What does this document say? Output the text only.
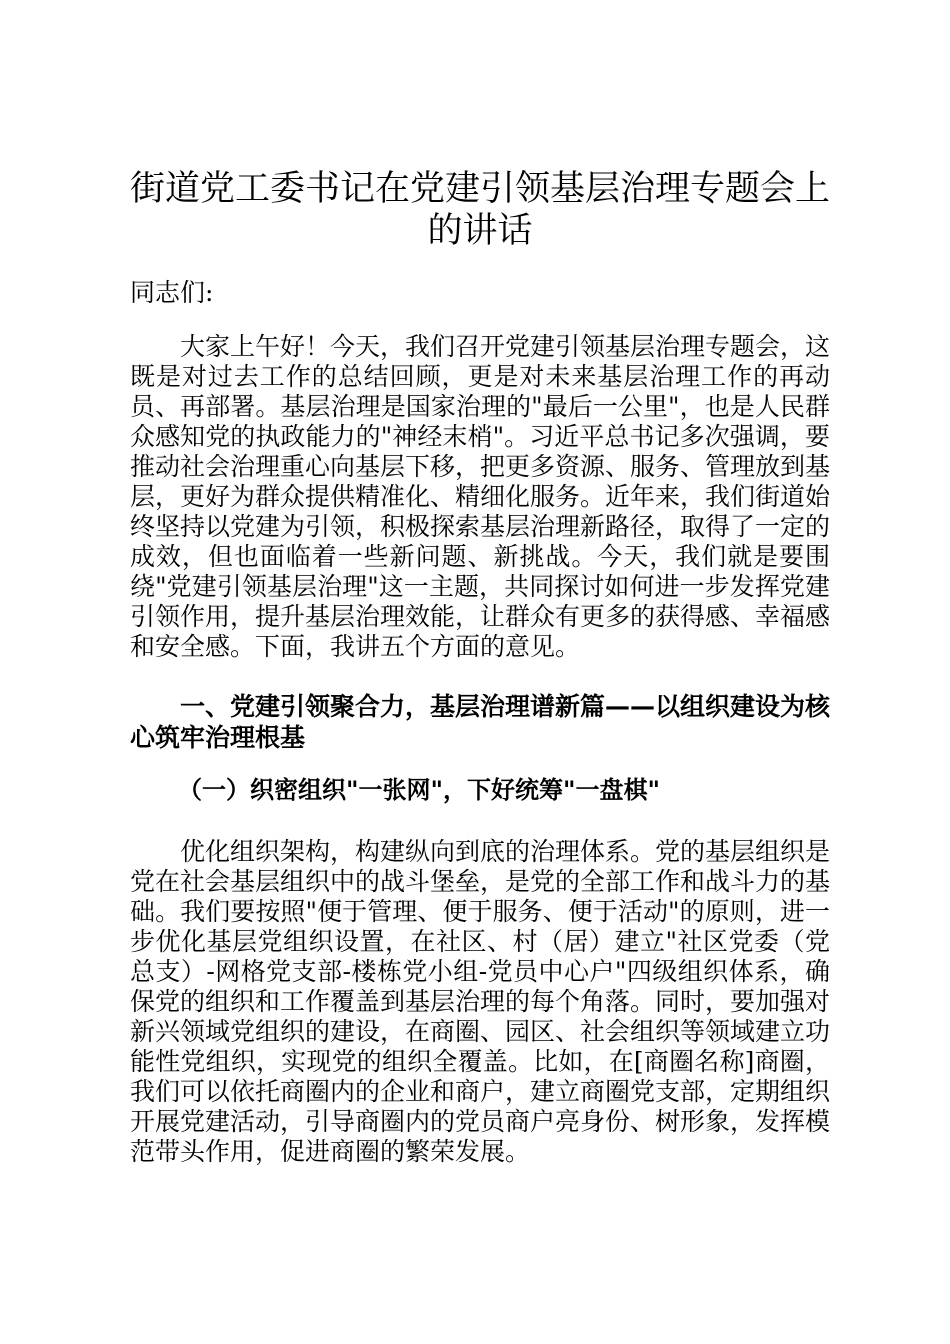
街道党工委书记在党建引领基层治理专题会上的讲话

同志们:

大家上午好！今天，我们召开党建引领基层治理专题会，这既是对过去工作的总结回顾，更是对未来基层治理工作的再动员、再部署。基层治理是国家治理的"最后一公里"，也是人民群众感知党的执政能力的"神经末梢"。习近平总书记多次强调，要推动社会治理重心向基层下移，把更多资源、服务、管理放到基层，更好为群众提供精准化、精细化服务。近年来，我们街道始终坚持以党建为引领，积极探索基层治理新路径，取得了一定的成效，但也面临着一些新问题、新挑战。今天，我们就是要围绕"党建引领基层治理"这一主题，共同探讨如何进一步发挥党建引领作用，提升基层治理效能，让群众有更多的获得感、幸福感和安全感。下面，我讲五个方面的意见。

一、党建引领聚合力，基层治理谱新篇——以组织建设为核心筑牢治理根基

（一）织密组织"一张网"，下好统筹"一盘棋"

优化组织架构，构建纵向到底的治理体系。党的基层组织是党在社会基层组织中的战斗堡垒，是党的全部工作和战斗力的基础。我们要按照"便于管理、便于服务、便于活动"的原则，进一步优化基层党组织设置，在社区、村（居）建立"社区党委（党总支）-网格党支部-楼栋党小组-党员中心户"四级组织体系，确保党的组织和工作覆盖到基层治理的每个角落。同时，要加强对新兴领域党组织的建设，在商圈、园区、社会组织等领域建立功能性党组织，实现党的组织全覆盖。比如，在[商圈名称]商圈，我们可以依托商圈内的企业和商户，建立商圈党支部，定期组织开展党建活动，引导商圈内的党员商户亮身份、树形象，发挥模范带头作用，促进商圈的繁荣发展。
